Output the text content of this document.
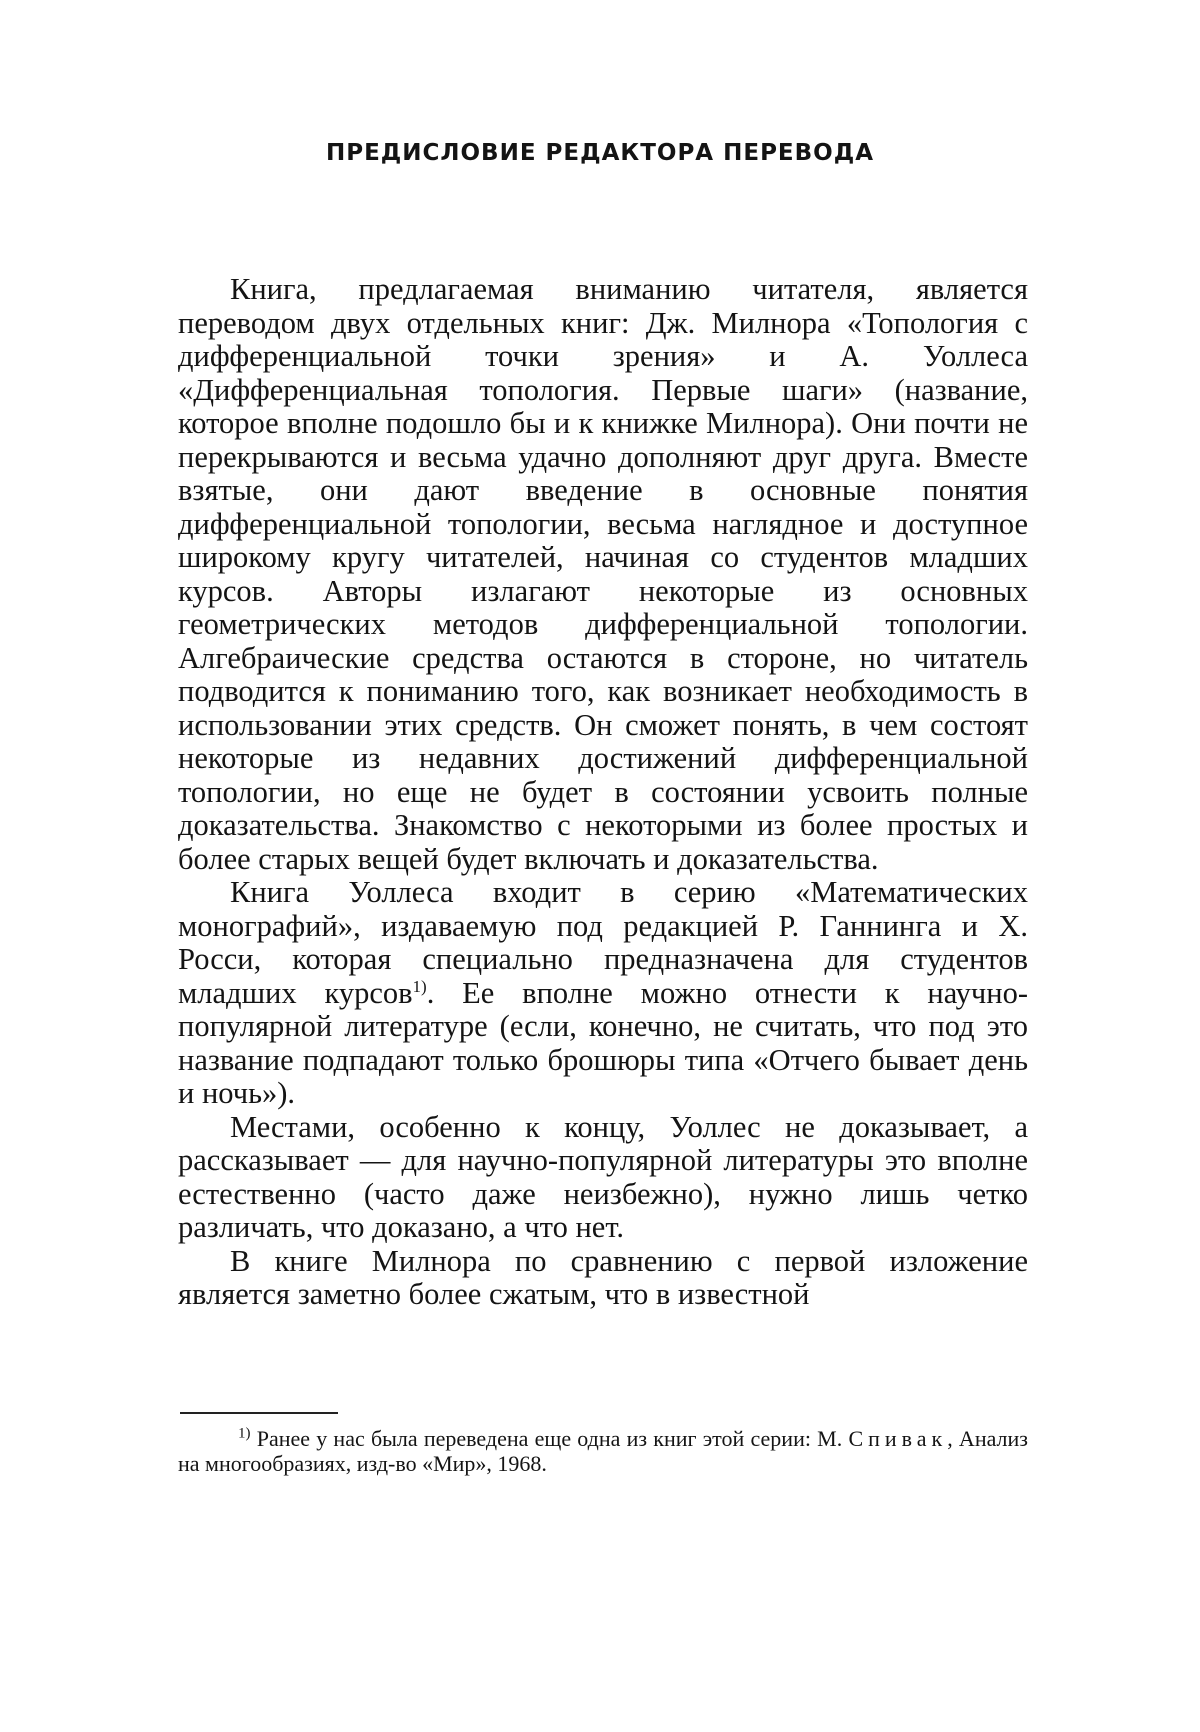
ПРЕДИСЛОВИЕ РЕДАКТОРА ПЕРЕВОДА

Книга, предлагаемая вниманию читателя, является переводом двух отдельных книг: Дж. Милнора «Топология с дифференциальной точки зрения» и А. Уоллеса «Дифференциальная топология. Первые шаги» (название, которое вполне подошло бы и к книжке Милнора). Они почти не перекрываются и весьма удачно дополняют друг друга. Вместе взятые, они дают введение в основные понятия дифференциальной топологии, весьма наглядное и доступное широкому кругу читателей, начиная со студентов младших курсов. Авторы излагают некоторые из основных геометрических методов дифференциальной топологии. Алгебраические средства остаются в стороне, но читатель подводится к пониманию того, как возникает необходимость в использовании этих средств. Он сможет понять, в чем состоят некоторые из недавних достижений дифференциальной топологии, но еще не будет в состоянии усвоить полные доказательства. Знакомство с некоторыми из более простых и более старых вещей будет включать и доказательства.

Книга Уоллеса входит в серию «Математических монографий», издаваемую под редакцией Р. Ганнинга и Х. Росси, которая специально предназначена для студентов младших курсов$^{1)}$. Ее вполне можно отнести к научно-популярной литературе (если, конечно, не считать, что под это название подпадают только брошюры типа «Отчего бывает день и ночь»).

Местами, особенно к концу, Уоллес не доказывает, а рассказывает — для научно-популярной литературы это вполне естественно (часто даже неизбежно), нужно лишь четко различать, что доказано, а что нет.

В книге Милнора по сравнению с первой изложение является заметно более сжатым, что в известной

$^{1)}$ Ранее у нас была переведена еще одна из книг этой серии: М. Спивак, Анализ на многообразиях, изд-во «Мир», 1968.
